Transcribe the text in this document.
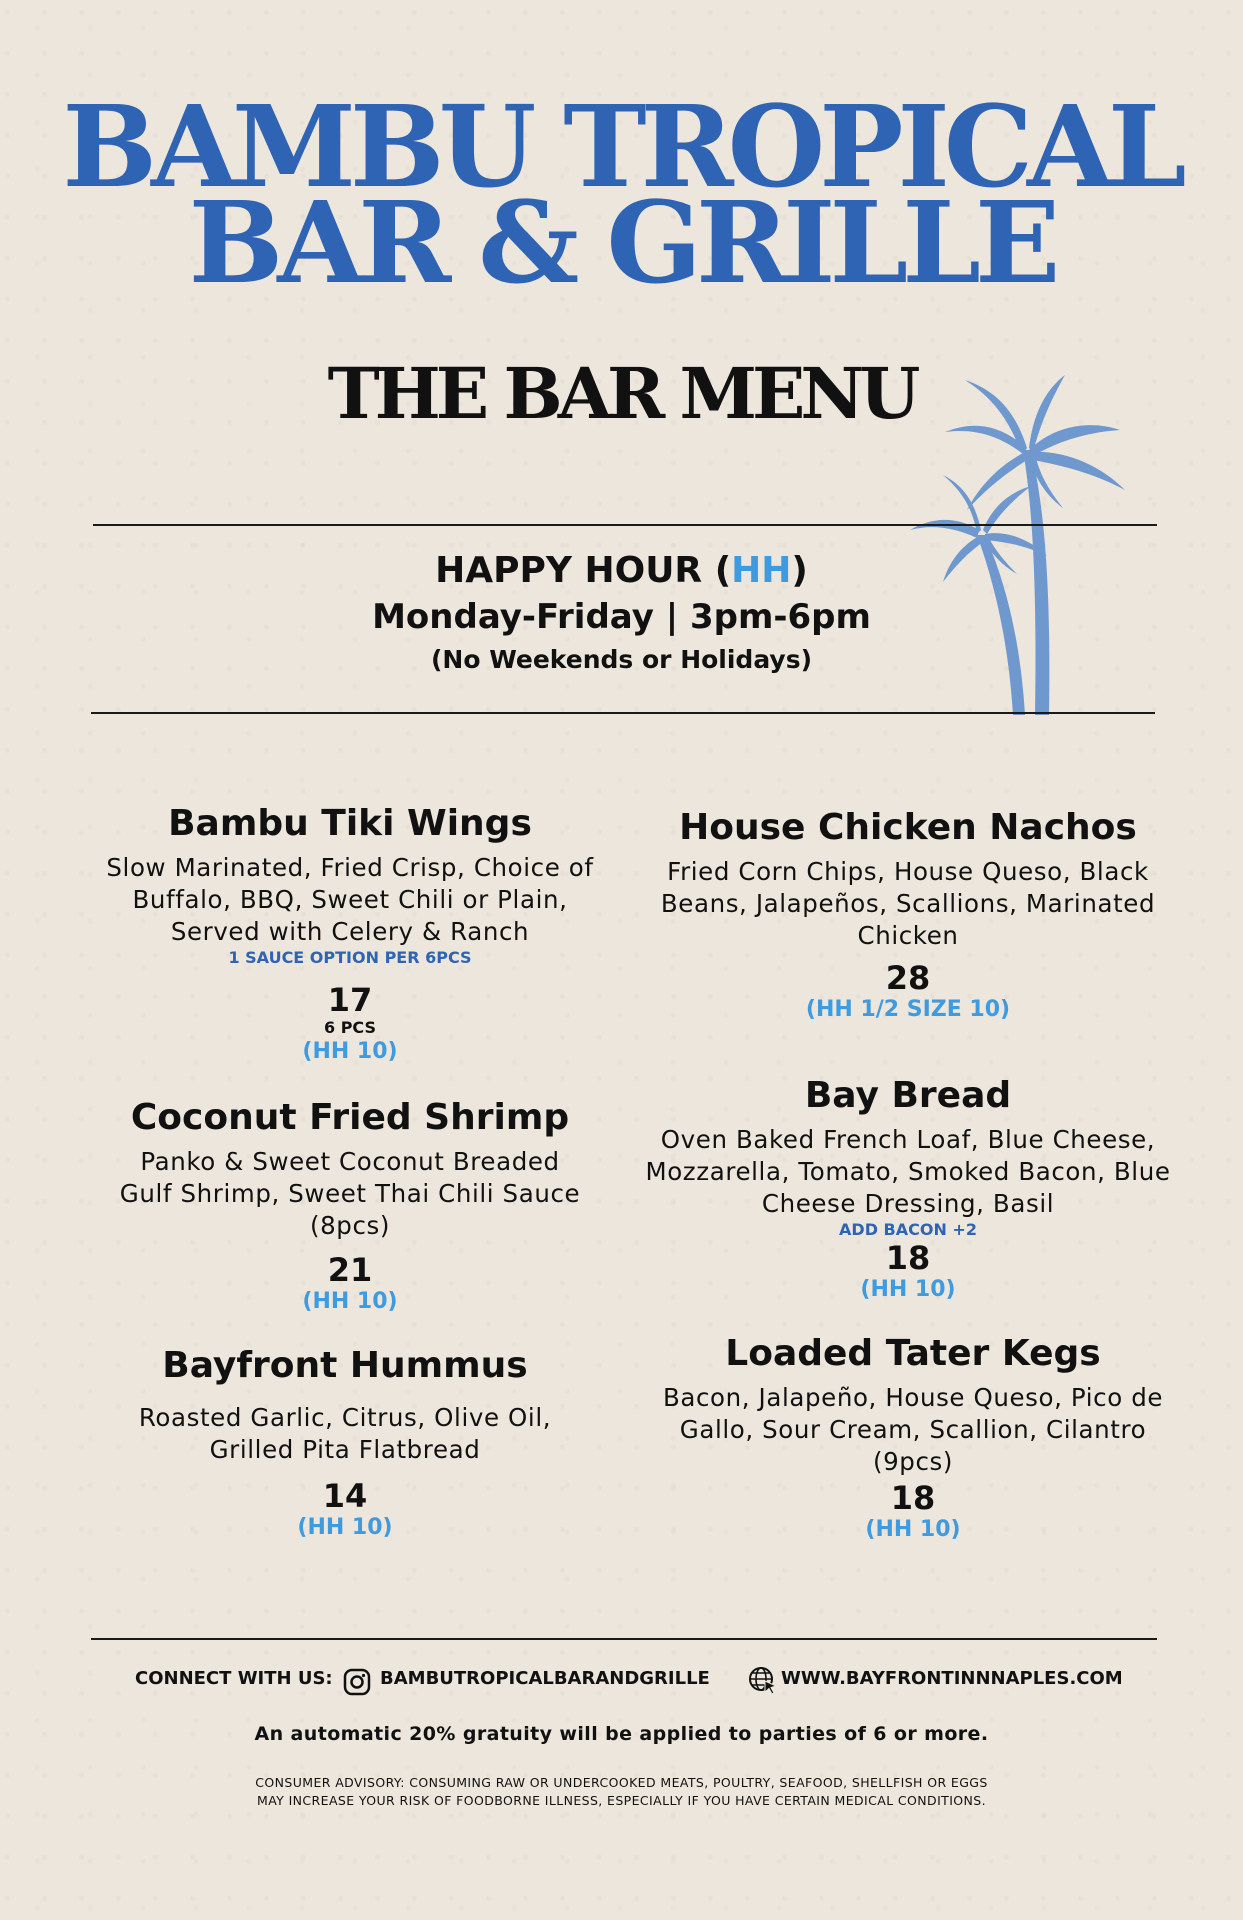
BAMBU TROPICAL
BAR & GRILLE
THE BAR MENU
HAPPY HOUR (HH)
Monday-Friday | 3pm-6pm
(No Weekends or Holidays)
Bambu Tiki Wings
Slow Marinated, Fried Crisp, Choice of Buffalo, BBQ, Sweet Chili or Plain, Served with Celery & Ranch
1 SAUCE OPTION PER 6PCS
17
6 PCS
(HH 10)
Coconut Fried Shrimp
Panko & Sweet Coconut Breaded Gulf Shrimp, Sweet Thai Chili Sauce (8pcs)
21
(HH 10)
Bayfront Hummus
Roasted Garlic, Citrus, Olive Oil, Grilled Pita Flatbread
14
(HH 10)
House Chicken Nachos
Fried Corn Chips, House Queso, Black Beans, Jalapeños, Scallions, Marinated Chicken
28
(HH 1/2 SIZE 10)
Bay Bread
Oven Baked French Loaf, Blue Cheese, Mozzarella, Tomato, Smoked Bacon, Blue Cheese Dressing, Basil
ADD BACON +2
18
(HH 10)
Loaded Tater Kegs
Bacon, Jalapeño, House Queso, Pico de Gallo, Sour Cream, Scallion, Cilantro (9pcs)
18
(HH 10)
CONNECT WITH US:	BAMBUTROPICALBARANDGRILLE	WWW.BAYFRONTINNNAPLES.COM
An automatic 20% gratuity will be applied to parties of 6 or more.
CONSUMER ADVISORY: CONSUMING RAW OR UNDERCOOKED MEATS, POULTRY, SEAFOOD, SHELLFISH OR EGGS
MAY INCREASE YOUR RISK OF FOODBORNE ILLNESS, ESPECIALLY IF YOU HAVE CERTAIN MEDICAL CONDITIONS.
